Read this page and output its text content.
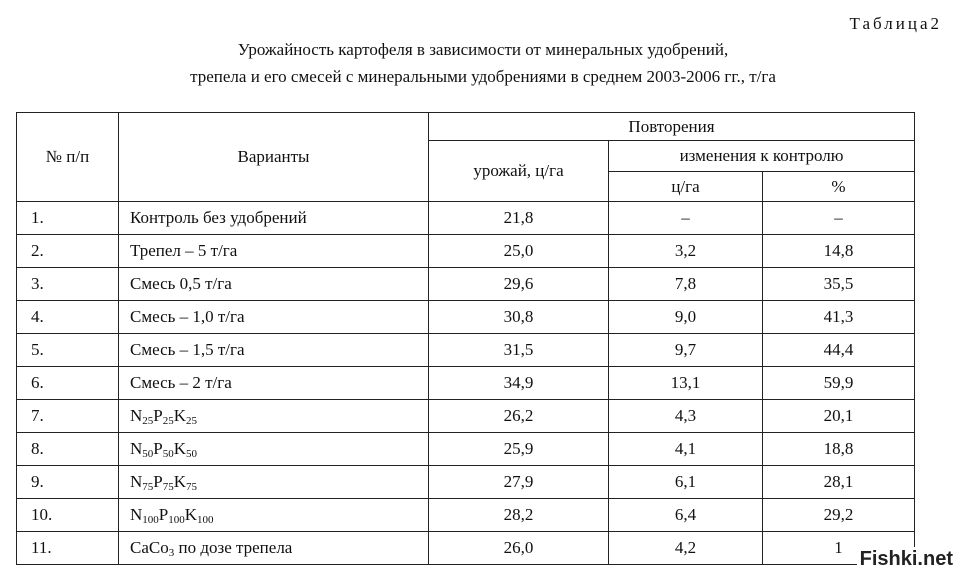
Таблица2
Урожайность картофеля в зависимости от минеральных удобрений,
трепела и его смесей с минеральными удобрениями в среднем 2003-2006 гг., т/га
№ п/п	Варианты	Повторения		
		урожай, ц/га	изменения к контролю	
			ц/га	%
1.	Контроль без удобрений	21,8	–	–
2.	Трепел – 5 т/га	25,0	3,2	14,8
3.	Смесь 0,5 т/га	29,6	7,8	35,5
4.	Смесь – 1,0 т/га	30,8	9,0	41,3
5.	Смесь – 1,5 т/га	31,5	9,7	44,4
6.	Смесь – 2 т/га	34,9	13,1	59,9
7.	$N_{25}P_{25}K_{25}$	26,2	4,3	20,1
8.	$N_{50}P_{50}K_{50}$	25,9	4,1	18,8
9.	$N_{75}P_{75}K_{75}$	27,9	6,1	28,1
10.	$N_{100}P_{100}K_{100}$	28,2	6,4	29,2
11.	CaCo$_3$ по дозе трепела	26,0	4,2	1
Fishki.net
